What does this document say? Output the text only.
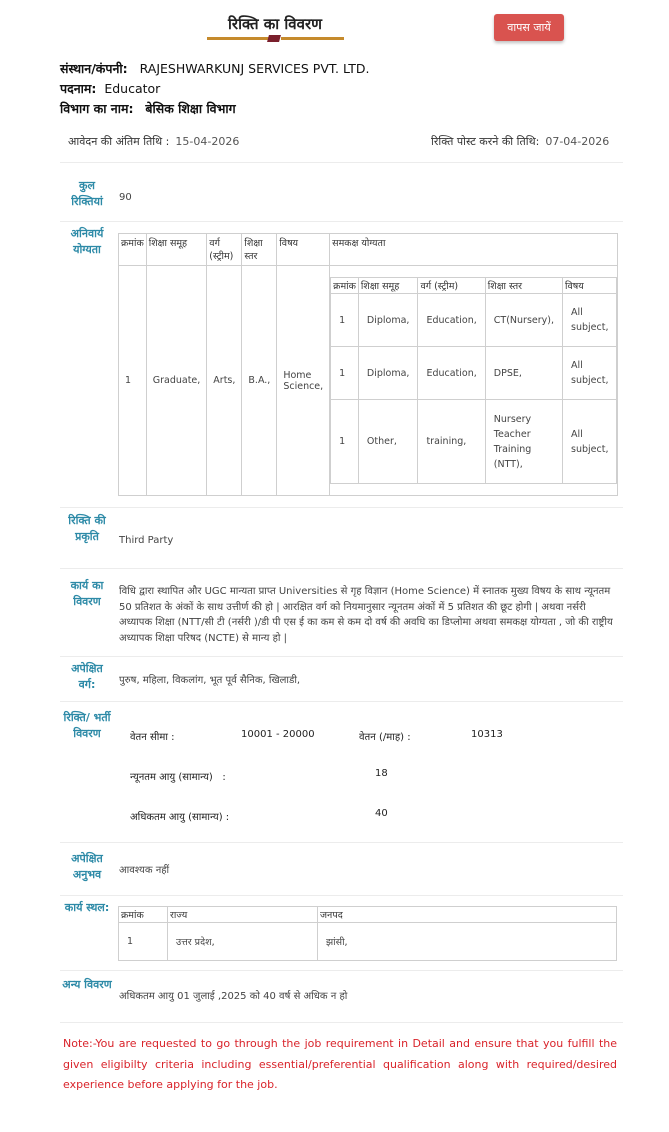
रिक्ति का विवरण	वापस जायें
संस्थान/कंपनी: RAJESHWARKUNJ SERVICES PVT. LTD.
पदनाम: Educator
विभाग का नाम: बेसिक शिक्षा विभाग
आवेदन की अंतिम तिथि : 15-04-2026	रिक्ति पोस्ट करने की तिथि: 07-04-2026
कुल रिक्तियां	90
अनिवार्य योग्यता	क्रमांक	शिक्षा समूह	वर्ग (स्ट्रीम)	शिक्षा स्तर	विषय	समकक्ष योग्यता
1	Graduate,	Arts,	B.A.,	Home Science,	
क्रमांक	शिक्षा समूह	वर्ग (स्ट्रीम)	शिक्षा स्तर	विषय
1	Diploma,	Education,	CT(Nursery),	All subject,
1	Diploma,	Education,	DPSE,	All subject,
1	Other,	training,	Nursery Teacher Training (NTT),	All subject,
रिक्ति की प्रकृति	Third Party
कार्य का विवरण
विधि द्वारा स्थापित और UGC मान्यता प्राप्त Universities से गृह विज्ञान (Home Science) में स्नातक मुख्य विषय के साथ न्यूनतम 50 प्रतिशत के अंकों के साथ उत्तीर्ण की हो | आरक्षित वर्ग को नियमानुसार न्यूनतम अंकों में 5 प्रतिशत की छूट होगी | अथवा नर्सरी अध्यापक शिक्षा (NTT/सी टी (नर्सरी )/डी पी एस ई का कम से कम दो वर्ष की अवधि का डिप्लोमा अथवा समकक्ष योग्यता , जो की राष्ट्रीय अध्यापक शिक्षा परिषद (NCTE) से मान्य हो |
अपेक्षित वर्ग:	पुरुष, महिला, विकलांग, भूत पूर्व सैनिक, खिलाडी,
रिक्ति/ भर्ती विवरण	वेतन सीमा :	10001 - 20000	वेतन (/माह) :	10313
न्यूनतम आयु (सामान्य)   :	18
अधिकतम आयु (सामान्य) :	40
अपेक्षित अनुभव	आवश्यक नहीं
कार्य स्थल:
क्रमांक	राज्य	जनपद
1	उत्तर प्रदेश,	झांसी,
अन्य विवरण
अधिकतम आयु 01 जुलाई ,2025 को 40 वर्ष से अधिक न हो
Note:-You are requested to go through the job requirement in Detail and ensure that you fulfill the given eligibilty criteria including essential/preferential qualification along with required/desired experience before applying for the job.
